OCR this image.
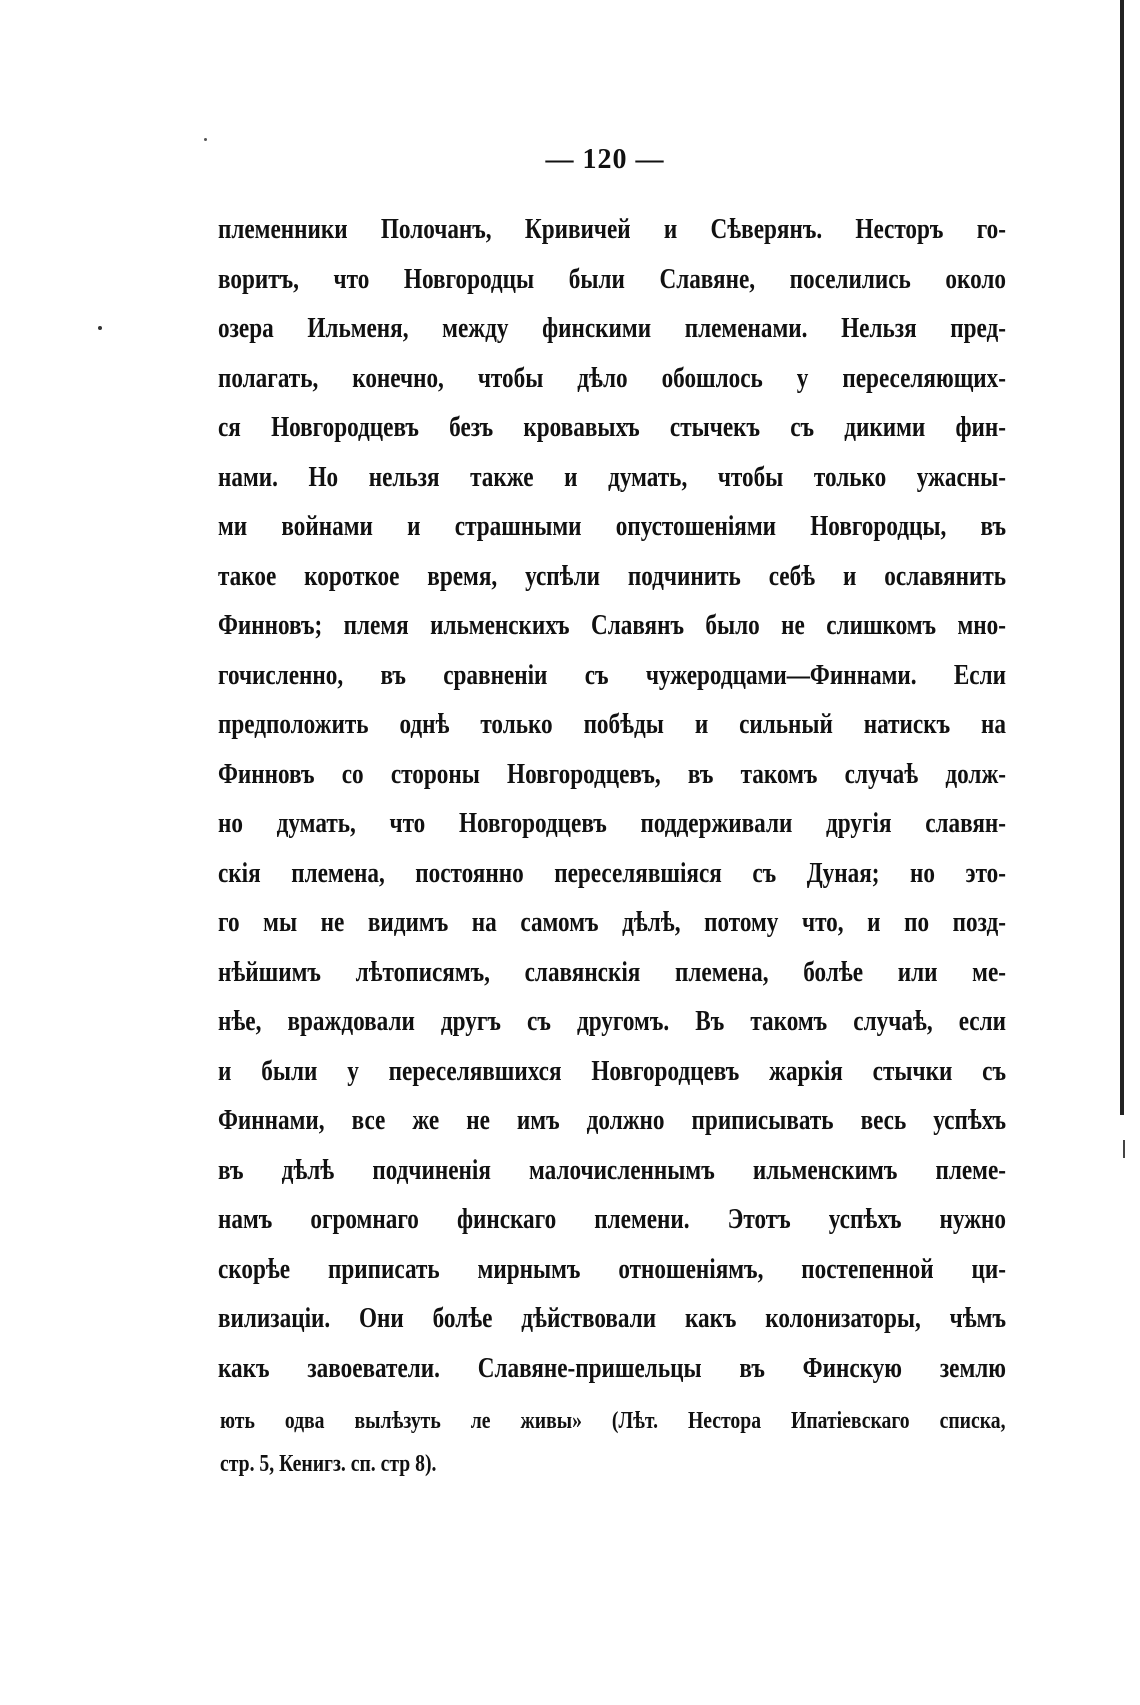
— 120 —
племенники Полочанъ, Кривичей и Сѣверянъ. Несторъ го-
воритъ, что Новгородцы были Славяне, поселились около
озера Ильменя, между финскими племенами. Нельзя пред-
полагать, конечно, чтобы дѣло обошлось у переселяющих-
ся Новгородцевъ безъ кровавыхъ стычекъ съ дикими фин-
нами. Но нельзя также и думать, чтобы только ужасны-
ми войнами и страшными опустошеніями Новгородцы, въ
такое короткое время, успѣли подчинить себѣ и ославянить
Финновъ; племя ильменскихъ Славянъ было не слишкомъ мно-
гочисленно, въ сравненіи съ чужеродцами—Финнами. Если
предположить однѣ только побѣды и сильный натискъ на
Финновъ со стороны Новгородцевъ, въ такомъ случаѣ долж-
но думать, что Новгородцевъ поддерживали другія славян-
скія племена, постоянно переселявшіяся съ Дуная; но это-
го мы не видимъ на самомъ дѣлѣ, потому что, и по позд-
нѣйшимъ лѣтописямъ, славянскія племена, болѣе или ме-
нѣе, враждовали другъ съ другомъ. Въ такомъ случаѣ, если
и были у переселявшихся Новгородцевъ жаркія стычки съ
Финнами, все же не имъ должно приписывать весь успѣхъ
въ дѣлѣ подчиненія малочисленнымъ ильменскимъ племе-
намъ огромнаго финскаго племени. Этотъ успѣхъ нужно
скорѣе приписать мирнымъ отношеніямъ, постепенной ци-
вилизаціи. Они болѣе дѣйствовали какъ колонизаторы, чѣмъ
какъ завоеватели. Славяне-пришельцы въ Финскую землю
ють одва вылѣзуть ле живы» (Лѣт. Нестора Ипатіевскаго списка,
стр. 5, Кенигз. сп. стр 8).
